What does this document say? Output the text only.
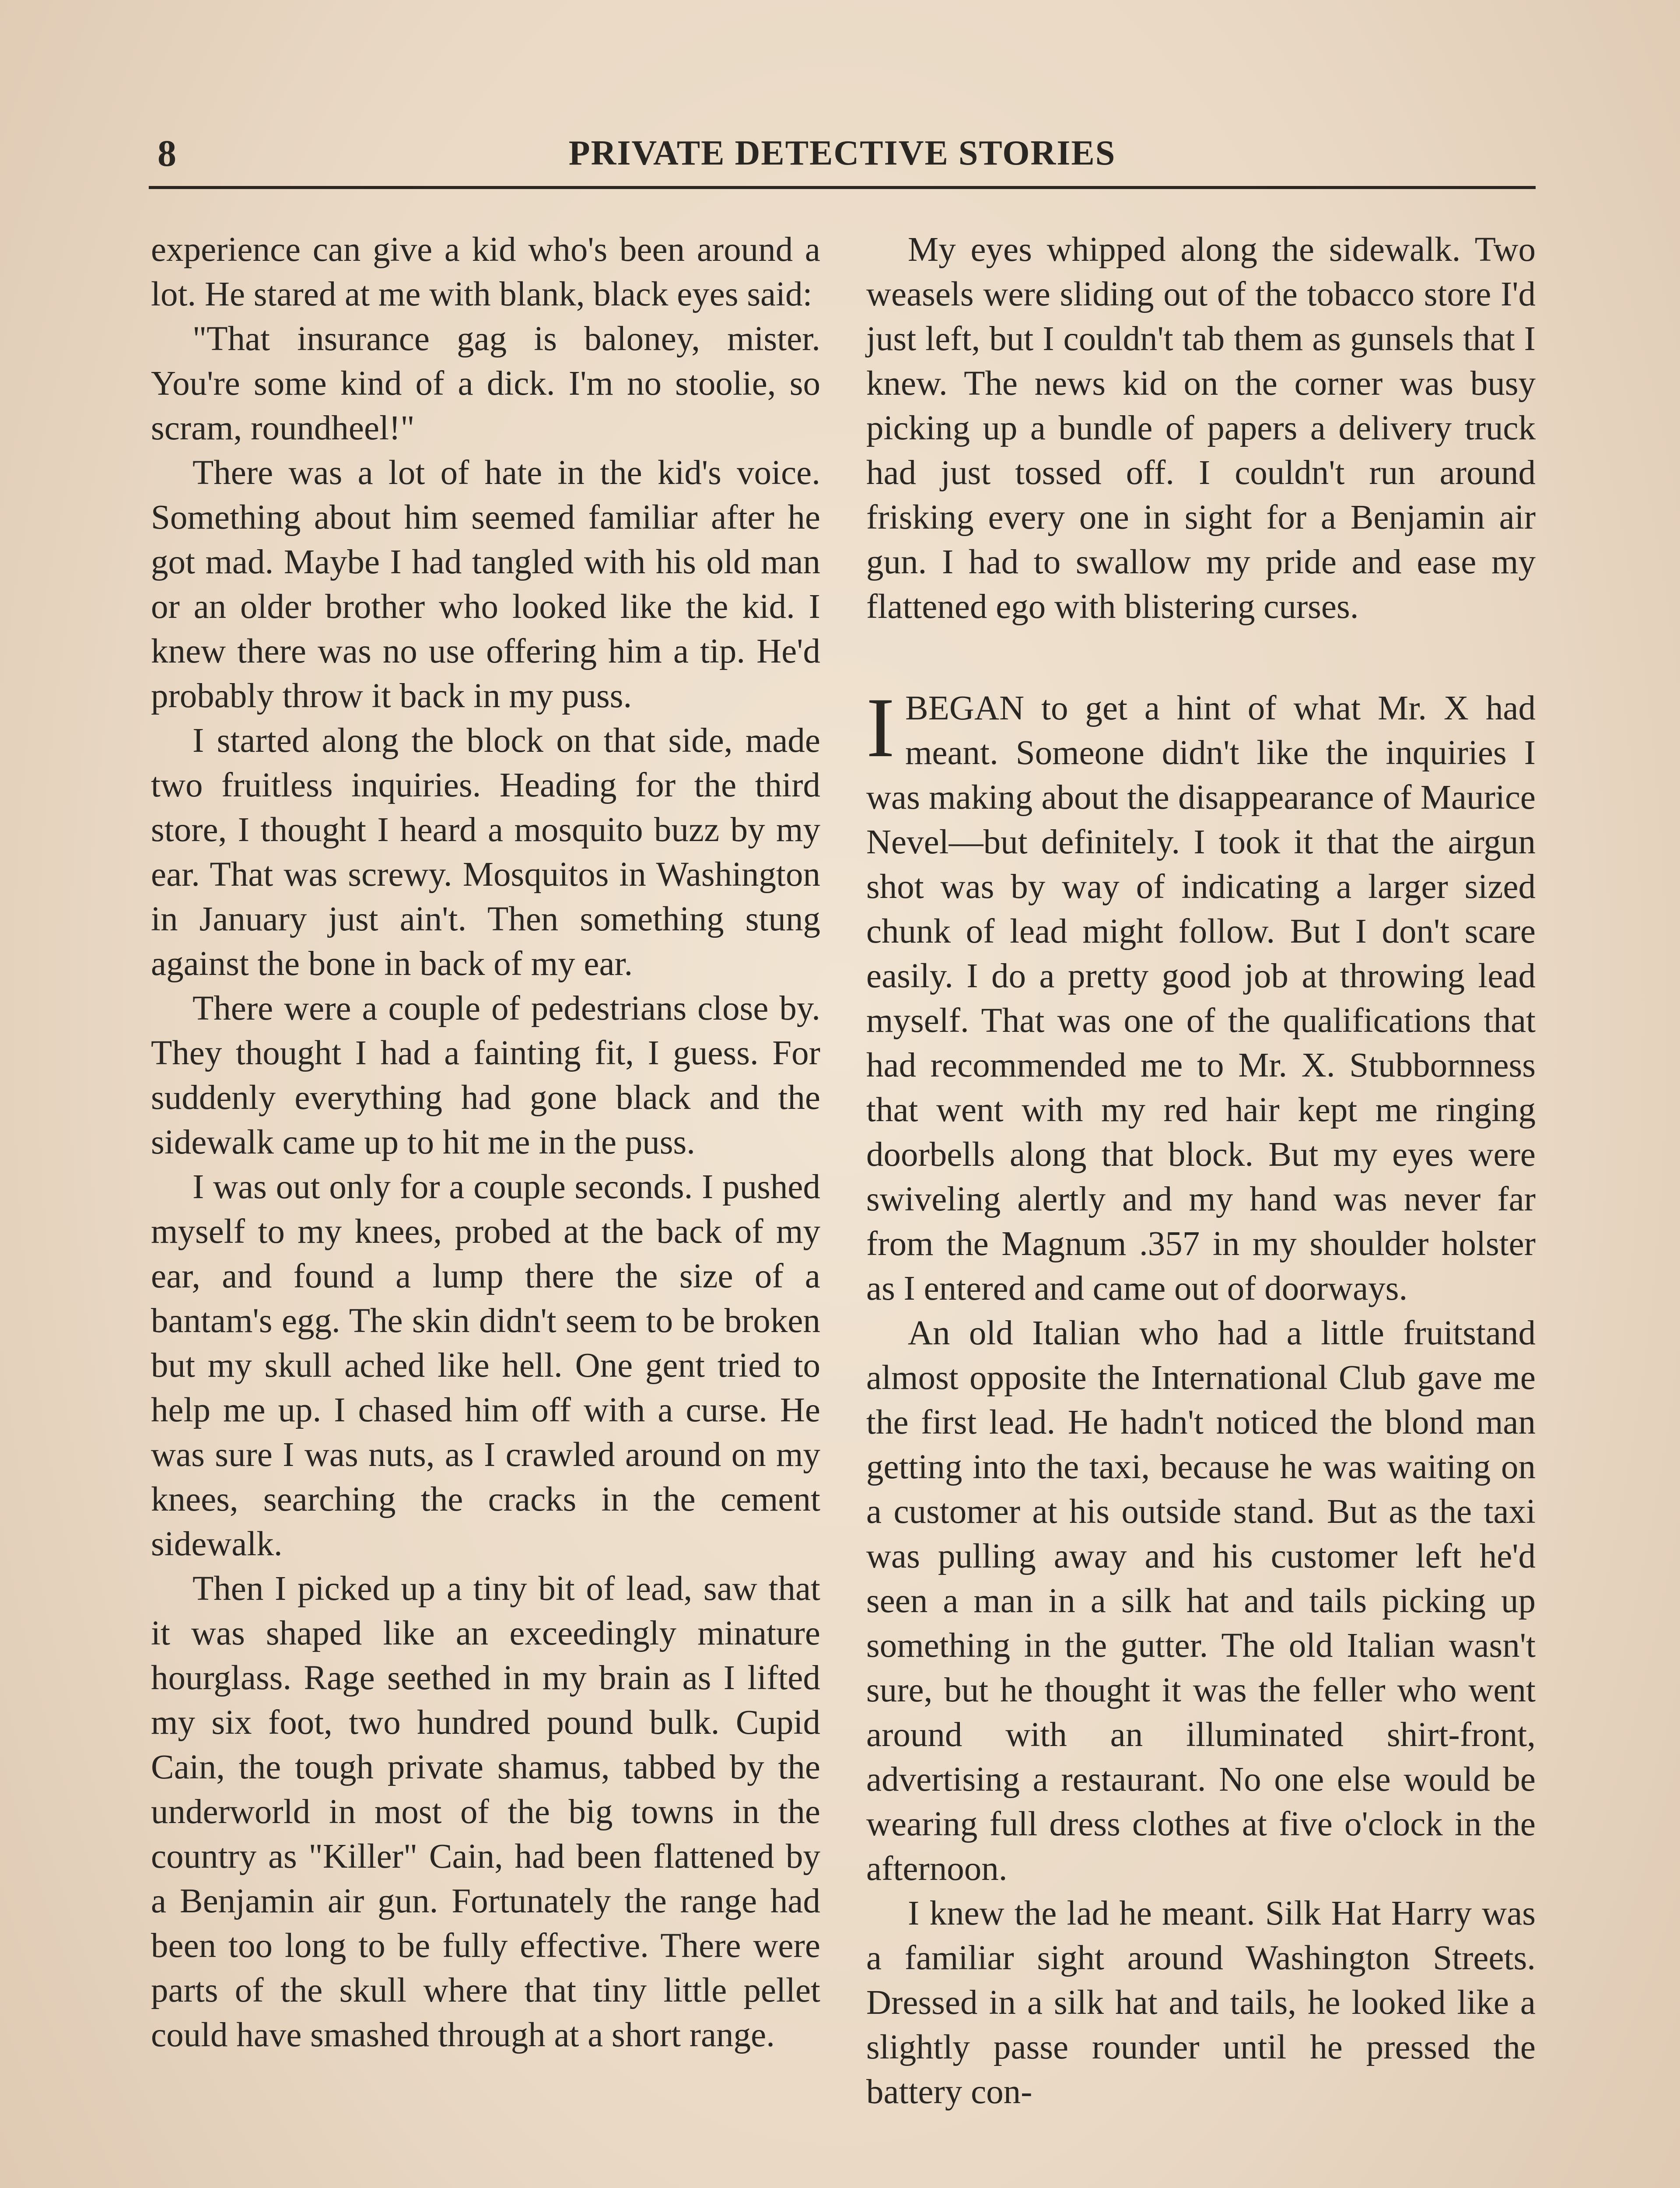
8	PRIVATE DETECTIVE STORIES

experience can give a kid who's been around a lot. He stared at me with blank, black eyes said:

"That insurance gag is baloney, mister. You're some kind of a dick. I'm no stoolie, so scram, roundheel!"

There was a lot of hate in the kid's voice. Something about him seemed familiar after he got mad. Maybe I had tangled with his old man or an older brother who looked like the kid. I knew there was no use offering him a tip. He'd probably throw it back in my puss.

I started along the block on that side, made two fruitless inquiries. Heading for the third store, I thought I heard a mosquito buzz by my ear. That was screwy. Mosquitos in Washington in January just ain't. Then something stung against the bone in back of my ear.

There were a couple of pedestrians close by. They thought I had a fainting fit, I guess. For suddenly everything had gone black and the sidewalk came up to hit me in the puss.

I was out only for a couple seconds. I pushed myself to my knees, probed at the back of my ear, and found a lump there the size of a bantam's egg. The skin didn't seem to be broken but my skull ached like hell. One gent tried to help me up. I chased him off with a curse. He was sure I was nuts, as I crawled around on my knees, searching the cracks in the cement sidewalk.

Then I picked up a tiny bit of lead, saw that it was shaped like an exceedingly minature hourglass. Rage seethed in my brain as I lifted my six foot, two hundred pound bulk. Cupid Cain, the tough private shamus, tabbed by the underworld in most of the big towns in the country as "Killer" Cain, had been flattened by a Benjamin air gun. Fortunately the range had been too long to be fully effective. There were parts of the skull where that tiny little pellet could have smashed through at a short range.

My eyes whipped along the sidewalk. Two weasels were sliding out of the tobacco store I'd just left, but I couldn't tab them as gunsels that I knew. The news kid on the corner was busy picking up a bundle of papers a delivery truck had just tossed off. I couldn't run around frisking every one in sight for a Benjamin air gun. I had to swallow my pride and ease my flattened ego with blistering curses.

IBEGAN to get a hint of what Mr. X had meant. Someone didn't like the inquiries I was making about the disappearance of Maurice Nevel—but definitely. I took it that the airgun shot was by way of indicating a larger sized chunk of lead might follow. But I don't scare easily. I do a pretty good job at throwing lead myself. That was one of the qualifications that had recommended me to Mr. X. Stubbornness that went with my red hair kept me ringing doorbells along that block. But my eyes were swiveling alertly and my hand was never far from the Magnum .357 in my shoulder holster as I entered and came out of doorways.

An old Italian who had a little fruitstand almost opposite the International Club gave me the first lead. He hadn't noticed the blond man getting into the taxi, because he was waiting on a customer at his outside stand. But as the taxi was pulling away and his customer left he'd seen a man in a silk hat and tails picking up something in the gutter. The old Italian wasn't sure, but he thought it was the feller who went around with an illuminated shirt-front, advertising a restaurant. No one else would be wearing full dress clothes at five o'clock in the afternoon.

I knew the lad he meant. Silk Hat Harry was a familiar sight around Washington Streets. Dressed in a silk hat and tails, he looked like a slightly passe rounder until he pressed the battery con-
